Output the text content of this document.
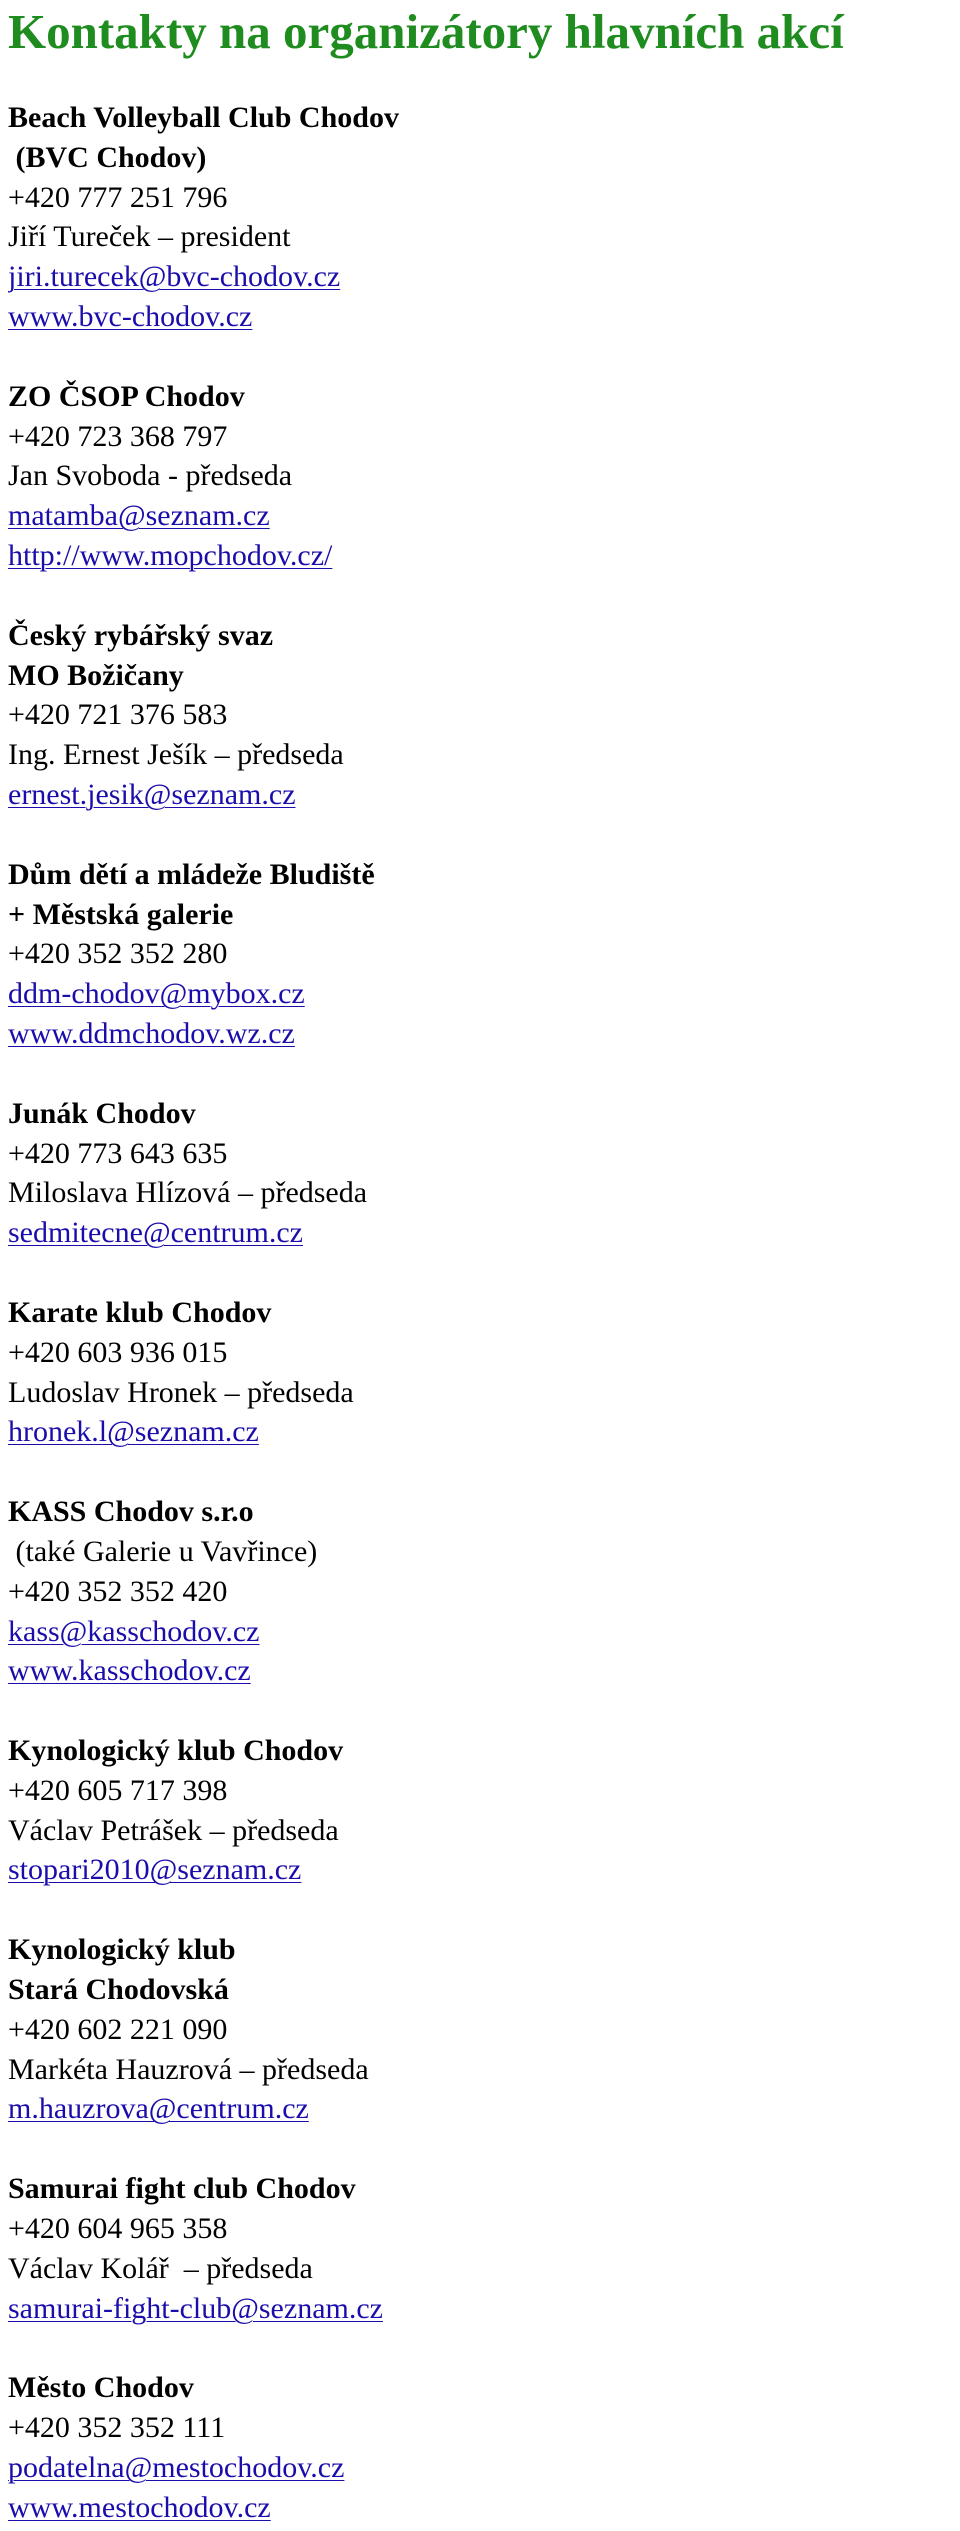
Kontakty na organizátory hlavních akcí
Beach Volleyball Club Chodov
(BVC Chodov)
+420 777 251 796
Jiří Tureček – president
jiri.turecek@bvc-chodov.cz
www.bvc-chodov.cz
ZO ČSOP Chodov
+420 723 368 797
Jan Svoboda - předseda
matamba@seznam.cz
http://www.mopchodov.cz/
Český rybářský svaz
MO Božičany
+420 721 376 583
Ing. Ernest Ješík – předseda
ernest.jesik@seznam.cz
Dům dětí a mládeže Bludiště
+ Městská galerie
+420 352 352 280
ddm-chodov@mybox.cz
www.ddmchodov.wz.cz
Junák Chodov
+420 773 643 635
Miloslava Hlízová – předseda
sedmitecne@centrum.cz
Karate klub Chodov
+420 603 936 015
Ludoslav Hronek – předseda
hronek.l@seznam.cz
KASS Chodov s.r.o
(také Galerie u Vavřince)
+420 352 352 420
kass@kasschodov.cz
www.kasschodov.cz
Kynologický klub Chodov
+420 605 717 398
Václav Petrášek – předseda
stopari2010@seznam.cz
Kynologický klub
Stará Chodovská
+420 602 221 090
Markéta Hauzrová – předseda
m.hauzrova@centrum.cz
Samurai fight club Chodov
+420 604 965 358
Václav Kolář  – předseda
samurai-fight-club@seznam.cz
Město Chodov
+420 352 352 111
podatelna@mestochodov.cz
www.mestochodov.cz
